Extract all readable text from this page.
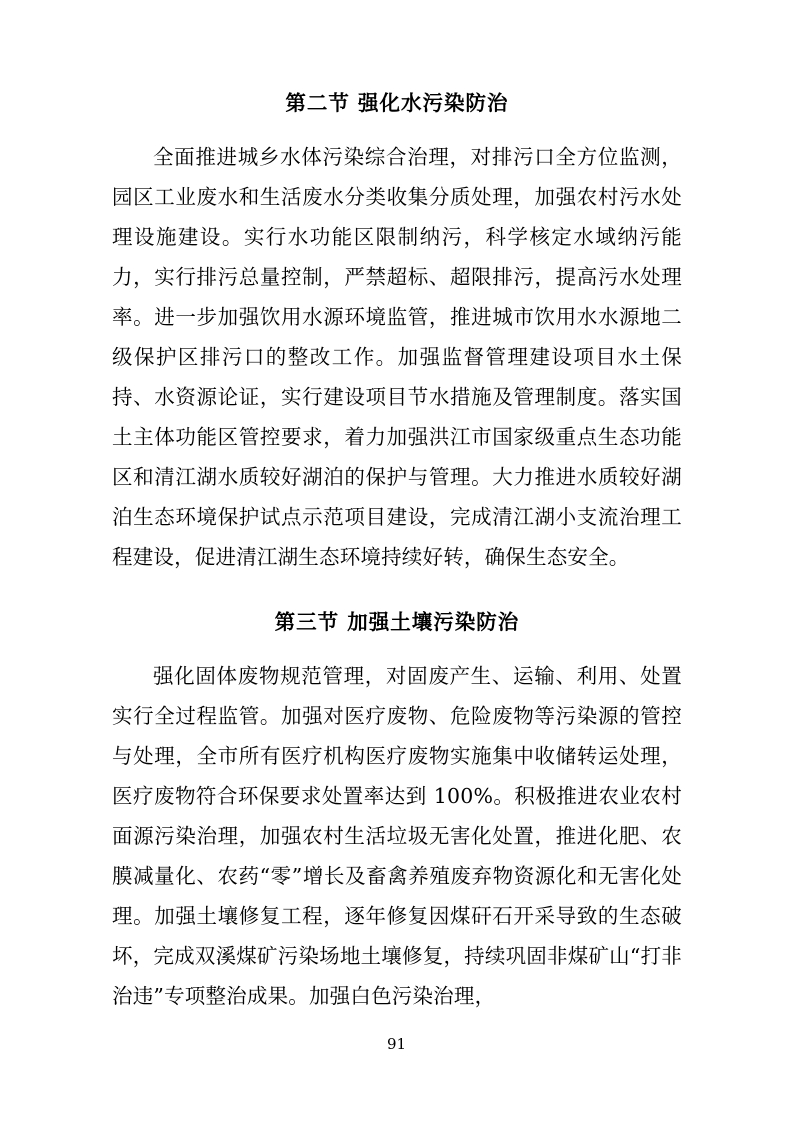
第二节 强化水污染防治

全面推进城乡水体污染综合治理，对排污口全方位监测，园区工业废水和生活废水分类收集分质处理，加强农村污水处理设施建设。实行水功能区限制纳污，科学核定水域纳污能力，实行排污总量控制，严禁超标、超限排污，提高污水处理率。进一步加强饮用水源环境监管，推进城市饮用水水源地二级保护区排污口的整改工作。加强监督管理建设项目水土保持、水资源论证，实行建设项目节水措施及管理制度。落实国土主体功能区管控要求，着力加强洪江市国家级重点生态功能区和清江湖水质较好湖泊的保护与管理。大力推进水质较好湖泊生态环境保护试点示范项目建设，完成清江湖小支流治理工程建设，促进清江湖生态环境持续好转，确保生态安全。

第三节 加强土壤污染防治

强化固体废物规范管理，对固废产生、运输、利用、处置实行全过程监管。加强对医疗废物、危险废物等污染源的管控与处理，全市所有医疗机构医疗废物实施集中收储转运处理，医疗废物符合环保要求处置率达到 100%。积极推进农业农村面源污染治理，加强农村生活垃圾无害化处置，推进化肥、农膜减量化、农药“零”增长及畜禽养殖废弃物资源化和无害化处理。加强土壤修复工程，逐年修复因煤矸石开采导致的生态破坏，完成双溪煤矿污染场地土壤修复，持续巩固非煤矿山“打非治违”专项整治成果。加强白色污染治理，

91
